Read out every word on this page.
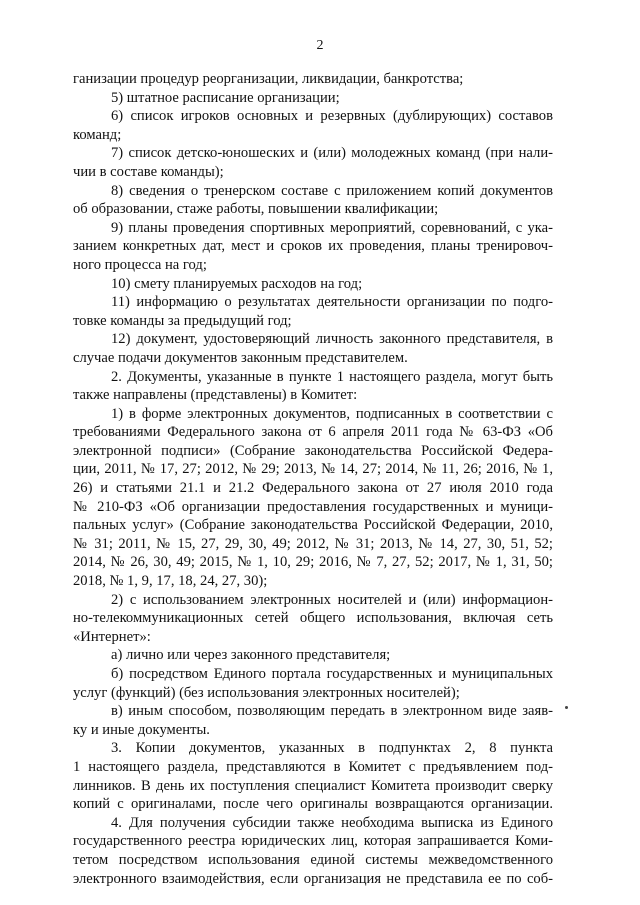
2
ганизации процедур реорганизации, ликвидации, банкротства;
5) штатное расписание организации;
6) список игроков основных и резервных (дублирующих) составов
команд;
7) список детско-юношеских и (или) молодежных команд (при нали-
чии в составе команды);
8) сведения о тренерском составе с приложением копий документов
об образовании, стаже работы, повышении квалификации;
9) планы проведения спортивных мероприятий, соревнований, с ука-
занием конкретных дат, мест и сроков их проведения, планы тренировоч-
ного процесса на год;
10) смету планируемых расходов на год;
11) информацию о результатах деятельности организации по подго-
товке команды за предыдущий год;
12) документ, удостоверяющий личность законного представителя, в
случае подачи документов законным представителем.
2. Документы, указанные в пункте 1 настоящего раздела, могут быть
также направлены (представлены) в Комитет:
1) в форме электронных документов, подписанных в соответствии с
требованиями Федерального закона от 6 апреля 2011 года № 63-ФЗ «Об
электронной подписи» (Собрание законодательства Российской Федера-
ции, 2011, № 17, 27; 2012, № 29; 2013, № 14, 27; 2014, № 11, 26; 2016, № 1,
26) и статьями 21.1 и 21.2 Федерального закона от 27 июля 2010 года
№ 210-ФЗ «Об организации предоставления государственных и муници-
пальных услуг» (Собрание законодательства Российской Федерации, 2010,
№ 31; 2011, № 15, 27, 29, 30, 49; 2012, № 31; 2013, № 14, 27, 30, 51, 52;
2014, № 26, 30, 49; 2015, № 1, 10, 29; 2016, № 7, 27, 52; 2017, № 1, 31, 50;
2018, № 1, 9, 17, 18, 24, 27, 30);
2) с использованием электронных носителей и (или) информацион-
но-телекоммуникационных сетей общего использования, включая сеть
«Интернет»:
а) лично или через законного представителя;
б) посредством Единого портала государственных и муниципальных
услуг (функций) (без использования электронных носителей);
в) иным способом, позволяющим передать в электронном виде заяв-
ку и иные документы.
3. Копии документов, указанных в подпунктах 2, 8 пункта
1 настоящего раздела, представляются в Комитет с предъявлением под-
линников. В день их поступления специалист Комитета производит сверку
копий с оригиналами, после чего оригиналы возвращаются организации.
4. Для получения субсидии также необходима выписка из Единого
государственного реестра юридических лиц, которая запрашивается Коми-
тетом посредством использования единой системы межведомственного
электронного взаимодействия, если организация не представила ее по соб-
